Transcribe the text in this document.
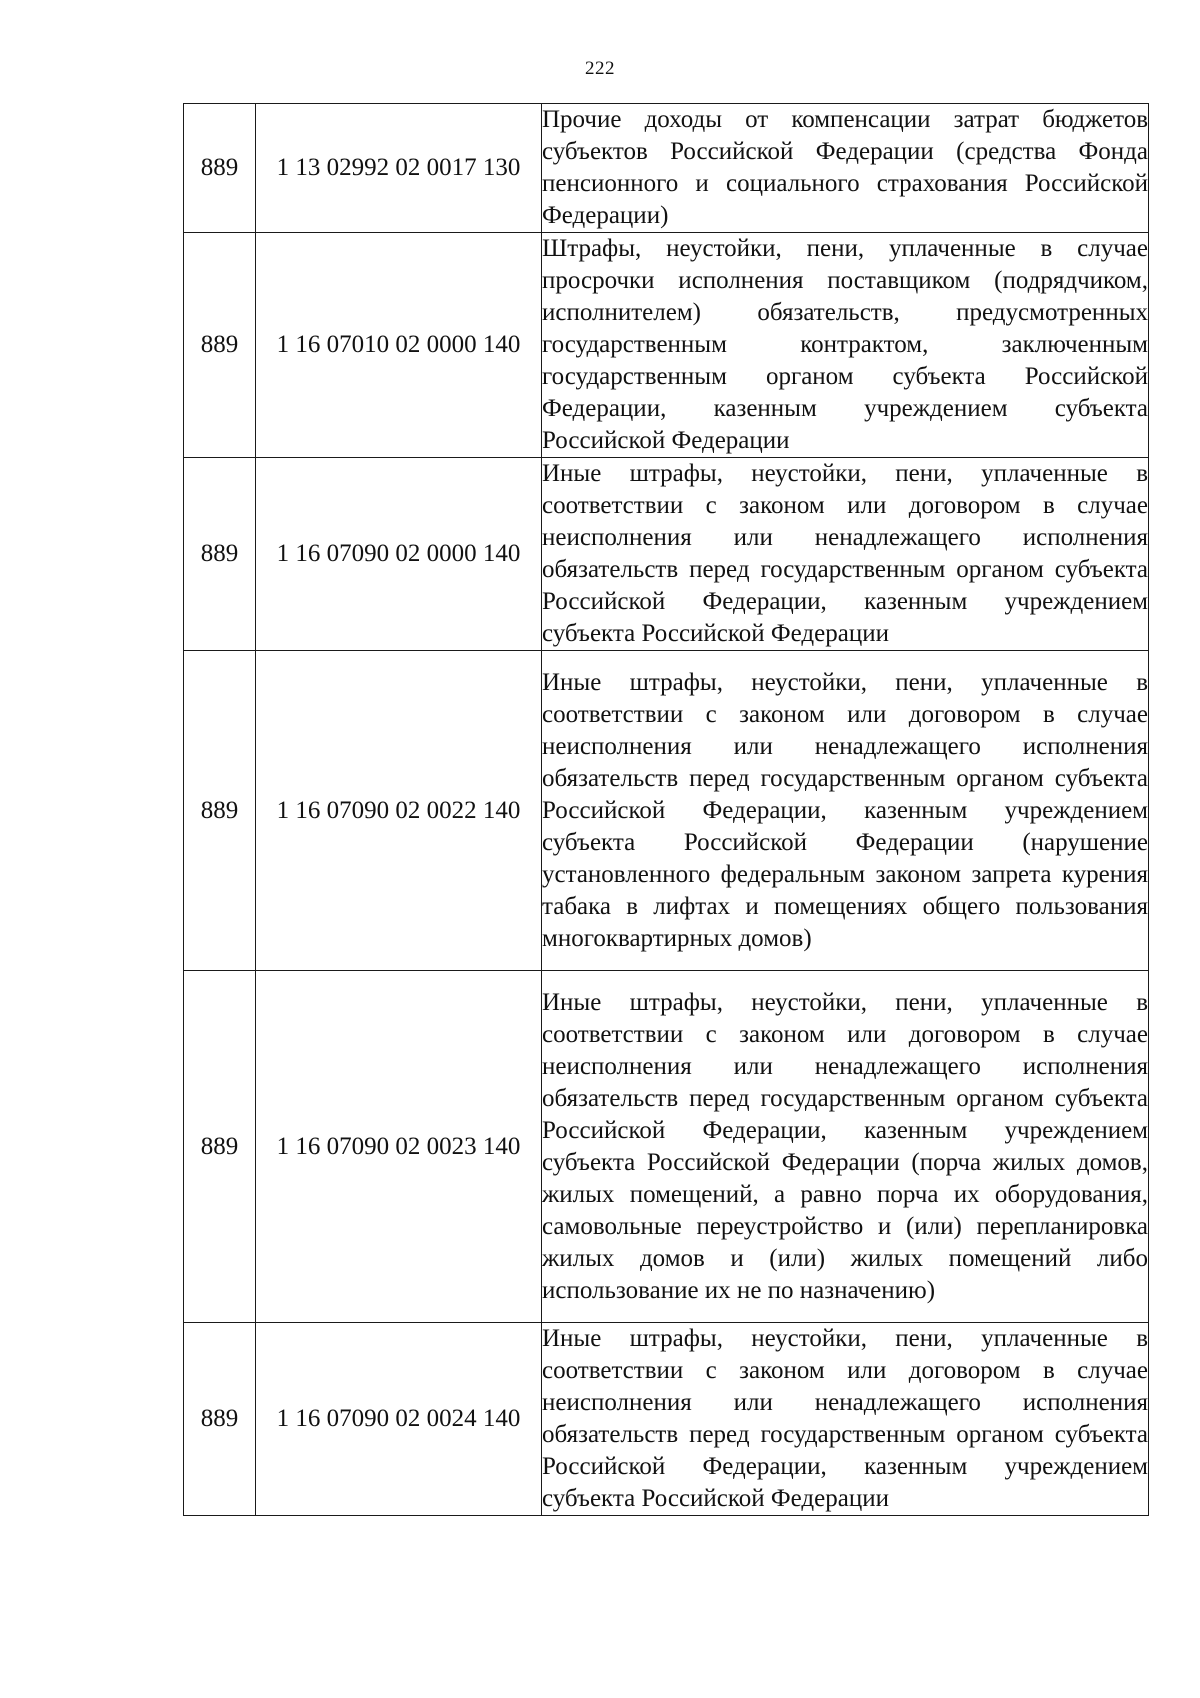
222
889	1 13 02992 02 0017 130	Прочие доходы от компенсации затрат бюджетов субъектов Российской Федерации (средства Фонда пенсионного и социального страхования Российской Федерации)

889	1 16 07010 02 0000 140	Штрафы, неустойки, пени, уплаченные в случае просрочки исполнения поставщиком (подрядчиком, исполнителем) обязательств, предусмотренных государственным контрактом, заключенным государственным органом субъекта Российской Федерации, казенным учреждением субъекта Российской Федерации

889	1 16 07090 02 0000 140	Иные штрафы, неустойки, пени, уплаченные в соответствии с законом или договором в случае неисполнения или ненадлежащего исполнения обязательств перед государственным органом субъекта Российской Федерации, казенным учреждением субъекта Российской Федерации

889	1 16 07090 02 0022 140	Иные штрафы, неустойки, пени, уплаченные в соответствии с законом или договором в случае неисполнения или ненадлежащего исполнения обязательств перед государственным органом субъекта Российской Федерации, казенным учреждением субъекта Российской Федерации (нарушение установленного федеральным законом запрета курения табака в лифтах и помещениях общего пользования многоквартирных домов)

889	1 16 07090 02 0023 140	Иные штрафы, неустойки, пени, уплаченные в соответствии с законом или договором в случае неисполнения или ненадлежащего исполнения обязательств перед государственным органом субъекта Российской Федерации, казенным учреждением субъекта Российской Федерации (порча жилых домов, жилых помещений, а равно порча их оборудования, самовольные переустройство и (или) перепланировка жилых домов и (или) жилых помещений либо использование их не по назначению)

889	1 16 07090 02 0024 140	Иные штрафы, неустойки, пени, уплаченные в соответствии с законом или договором в случае неисполнения или ненадлежащего исполнения обязательств перед государственным органом субъекта Российской Федерации, казенным учреждением субъекта Российской Федерации
